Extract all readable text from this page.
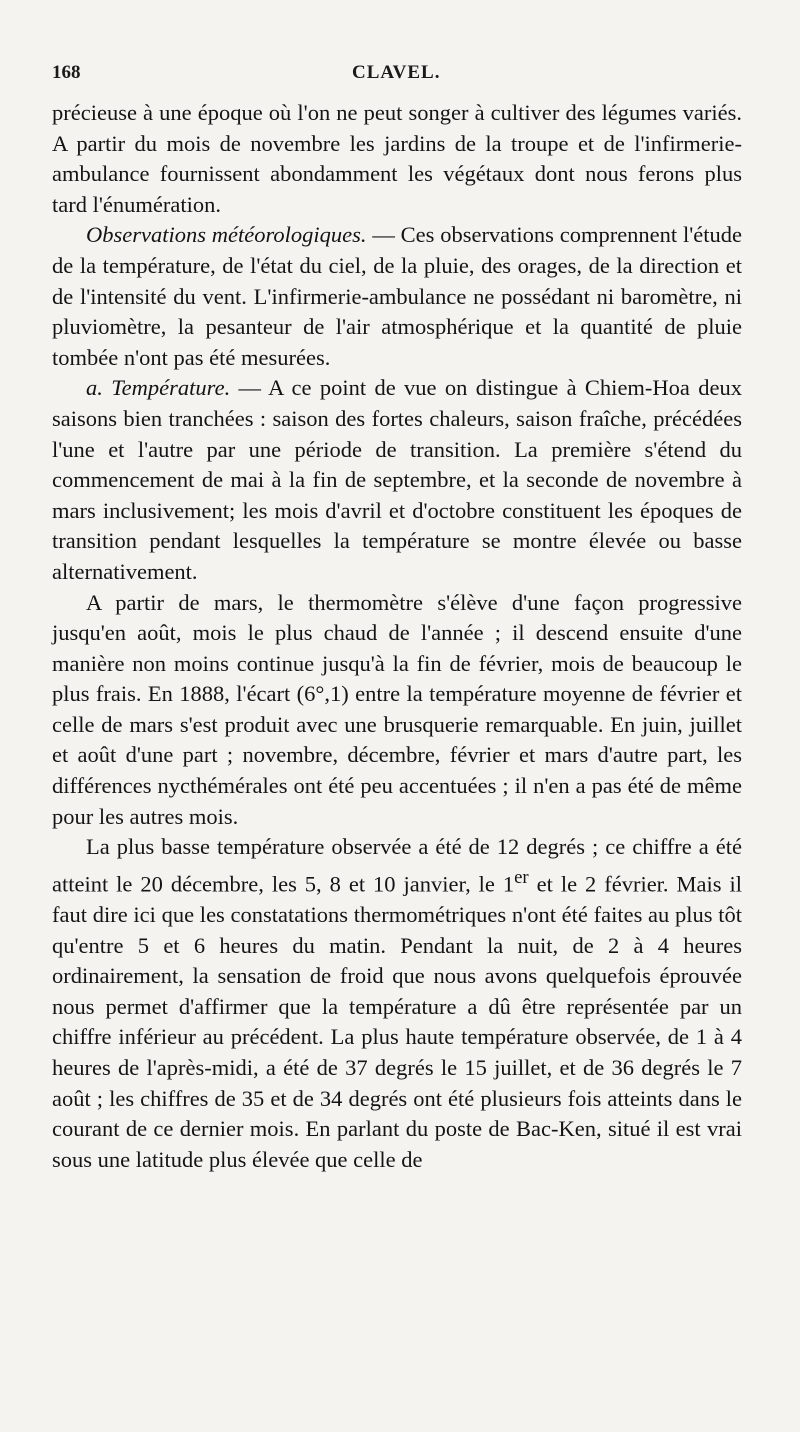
168	CLAVEL.

précieuse à une époque où l'on ne peut songer à cultiver des légumes variés. A partir du mois de novembre les jardins de la troupe et de l'infirmerie-ambulance fournissent abondamment les végétaux dont nous ferons plus tard l'énumération.

Observations météorologiques. — Ces observations comprennent l'étude de la température, de l'état du ciel, de la pluie, des orages, de la direction et de l'intensité du vent. L'infirmerie-ambulance ne possédant ni baromètre, ni pluviomètre, la pesanteur de l'air atmosphérique et la quantité de pluie tombée n'ont pas été mesurées.

a. Température. — A ce point de vue on distingue à Chiem-Hoa deux saisons bien tranchées : saison des fortes chaleurs, saison fraîche, précédées l'une et l'autre par une période de transition. La première s'étend du commencement de mai à la fin de septembre, et la seconde de novembre à mars inclusivement; les mois d'avril et d'octobre constituent les époques de transition pendant lesquelles la température se montre élevée ou basse alternativement.

A partir de mars, le thermomètre s'élève d'une façon progressive jusqu'en août, mois le plus chaud de l'année ; il descend ensuite d'une manière non moins continue jusqu'à la fin de février, mois de beaucoup le plus frais. En 1888, l'écart (6°,1) entre la température moyenne de février et celle de mars s'est produit avec une brusquerie remarquable. En juin, juillet et août d'une part ; novembre, décembre, février et mars d'autre part, les différences nycthémérales ont été peu accentuées ; il n'en a pas été de même pour les autres mois.

La plus basse température observée a été de 12 degrés ; ce chiffre a été atteint le 20 décembre, les 5, 8 et 10 janvier, le 1er et le 2 février. Mais il faut dire ici que les constatations thermométriques n'ont été faites au plus tôt qu'entre 5 et 6 heures du matin. Pendant la nuit, de 2 à 4 heures ordinairement, la sensation de froid que nous avons quelquefois éprouvée nous permet d'affirmer que la température a dû être représentée par un chiffre inférieur au précédent. La plus haute température observée, de 1 à 4 heures de l'après-midi, a été de 37 degrés le 15 juillet, et de 36 degrés le 7 août ; les chiffres de 35 et de 34 degrés ont été plusieurs fois atteints dans le courant de ce dernier mois. En parlant du poste de Bac-Ken, situé il est vrai sous une latitude plus élevée que celle de
